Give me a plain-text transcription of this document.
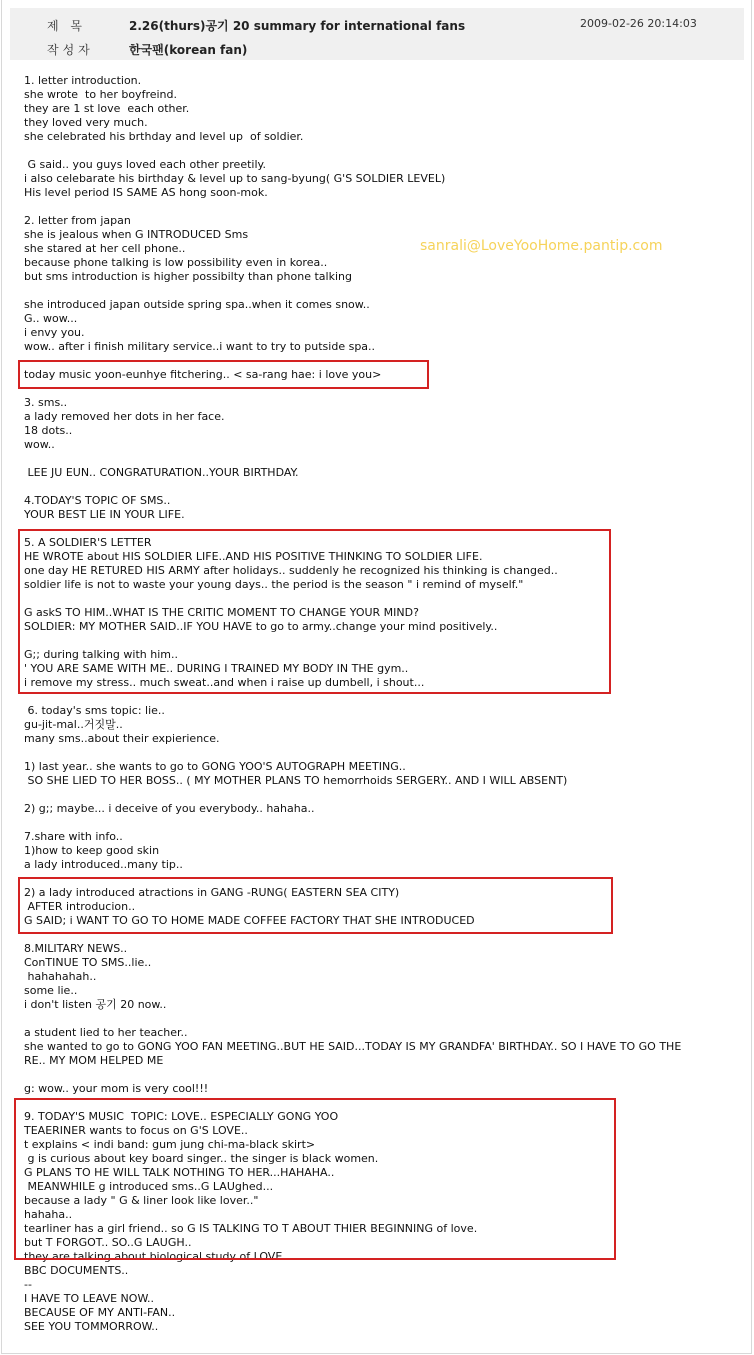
제 목	2.26(thurs)공기 20 summary for international fans	2009-02-26 20:14:03
작성자	한국팬(korean fan)
1. letter introduction.
she wrote  to her boyfreind.
they are 1 st love  each other.
they loved very much.
she celebrated his brthday and level up  of soldier.
G said.. you guys loved each other preetily.
i also celebarate his birthday & level up to sang-byung( G'S SOLDIER LEVEL)
His level period IS SAME AS hong soon-mok.
2. letter from japan
she is jealous when G INTRODUCED Sms
she stared at her cell phone..
because phone talking is low possibility even in korea..
but sms introduction is higher possibilty than phone talking
she introduced japan outside spring spa..when it comes snow..
G.. wow...
i envy you.
wow.. after i finish military service..i want to try to putside spa..
today music yoon-eunhye fitchering.. < sa-rang hae: i love you>
3. sms..
a lady removed her dots in her face.
18 dots..
wow..
LEE JU EUN.. CONGRATURATION..YOUR BIRTHDAY.
4.TODAY'S TOPIC OF SMS..
YOUR BEST LIE IN YOUR LIFE.
5. A SOLDIER'S LETTER
HE WROTE about HIS SOLDIER LIFE..AND HIS POSITIVE THINKING TO SOLDIER LIFE.
one day HE RETURED HIS ARMY after holidays.. suddenly he recognized his thinking is changed..
soldier life is not to waste your young days.. the period is the season " i remind of myself."
G askS TO HIM..WHAT IS THE CRITIC MOMENT TO CHANGE YOUR MIND?
SOLDIER: MY MOTHER SAID..IF YOU HAVE to go to army..change your mind positively..
G;; during talking with him..
' YOU ARE SAME WITH ME.. DURING I TRAINED MY BODY IN THE gym..
i remove my stress.. much sweat..and when i raise up dumbell, i shout...
6. today's sms topic: lie..
gu-jit-mal..거짓말..
many sms..about their expierience.
1) last year.. she wants to go to GONG YOO'S AUTOGRAPH MEETING..
SO SHE LIED TO HER BOSS.. ( MY MOTHER PLANS TO hemorrhoids SERGERY.. AND I WILL ABSENT)
2) g;; maybe... i deceive of you everybody.. hahaha..
7.share with info..
1)how to keep good skin
a lady introduced..many tip..
2) a lady introduced atractions in GANG -RUNG( EASTERN SEA CITY)
AFTER introducion..
G SAID; i WANT TO GO TO HOME MADE COFFEE FACTORY THAT SHE INTRODUCED
8.MILITARY NEWS..
ConTINUE TO SMS..lie..
hahahahah..
some lie..
i don't listen 공기 20 now..
a student lied to her teacher..
she wanted to go to GONG YOO FAN MEETING..BUT HE SAID...TODAY IS MY GRANDFA' BIRTHDAY.. SO I HAVE TO GO THE
RE.. MY MOM HELPED ME
g: wow.. your mom is very cool!!!
9. TODAY'S MUSIC  TOPIC: LOVE.. ESPECIALLY GONG YOO
TEAERINER wants to focus on G'S LOVE..
t explains < indi band: gum jung chi-ma-black skirt>
g is curious about key board singer.. the singer is black women.
G PLANS TO HE WILL TALK NOTHING TO HER...HAHAHA..
MEANWHILE g introduced sms..G LAUghed...
because a lady " G & liner look like lover.."
hahaha..
tearliner has a girl friend.. so G IS TALKING TO T ABOUT THIER BEGINNING of love.
but T FORGOT.. SO..G LAUGH..
they are talking about biological study of LOVE..
BBC DOCUMENTS..
--
I HAVE TO LEAVE NOW..
BECAUSE OF MY ANTI-FAN..
SEE YOU TOMMORROW..
sanrali@LoveYooHome.pantip.com
